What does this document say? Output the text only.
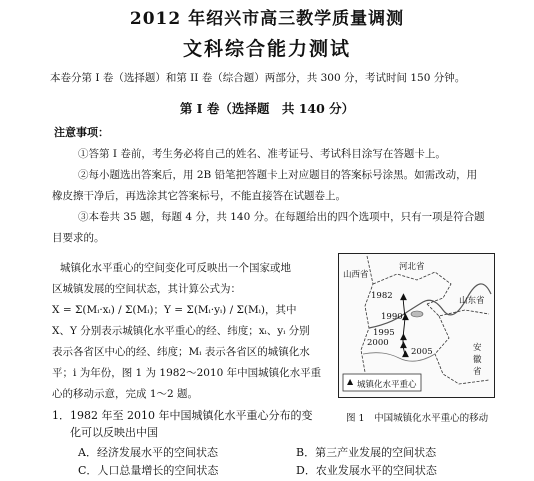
2012 年绍兴市高三教学质量调测
文科综合能力测试
本卷分第 I 卷（选择题）和第 II 卷（综合题）两部分，共 300 分，考试时间 150 分钟。
第 I 卷（选择题　共 140 分）
注意事项：
①答第 I 卷前，考生务必将自己的姓名、准考证号、考试科目涂写在答题卡上。
②每小题选出答案后，用 2B 铅笔把答题卡上对应题目的答案标号涂黑。如需改动，用
橡皮擦干净后，再选涂其它答案标号，不能直接答在试题卷上。
③本卷共 35 题，每题 4 分，共 140 分。在每题给出的四个选项中，只有一项是符合题
目要求的。
城镇化水平重心的空间变化可反映出一个国家或地
区城镇发展的空间状态，其计算公式为：
X = Σ(Mᵢ·xᵢ) / Σ(Mᵢ)；Y = Σ(Mᵢ·yᵢ) / Σ(Mᵢ)，其中
X、Y 分别表示城镇化水平重心的经、纬度；xᵢ、yᵢ 分别
表示各省区中心的经、纬度；Mᵢ 表示各省区的城镇化水
平；i 为年份，图 1 为 1982～2010 年中国城镇化水平重
心的移动示意，完成 1～2 题。
1．1982 年至 2010 年中国城镇化水平重心分布的变
化可以反映出中国
A．经济发展水平的空间状态	B．第三产业发展的空间状态
C．人口总量增长的空间状态	D．农业发展水平的空间状态
▲
▲
▲
▲
▲
1982
1990
1995
2000
2005
山西省
河北省
山东省
安徽省
▲ 城镇化水平重心
图 1　中国城镇化水平重心的移动
